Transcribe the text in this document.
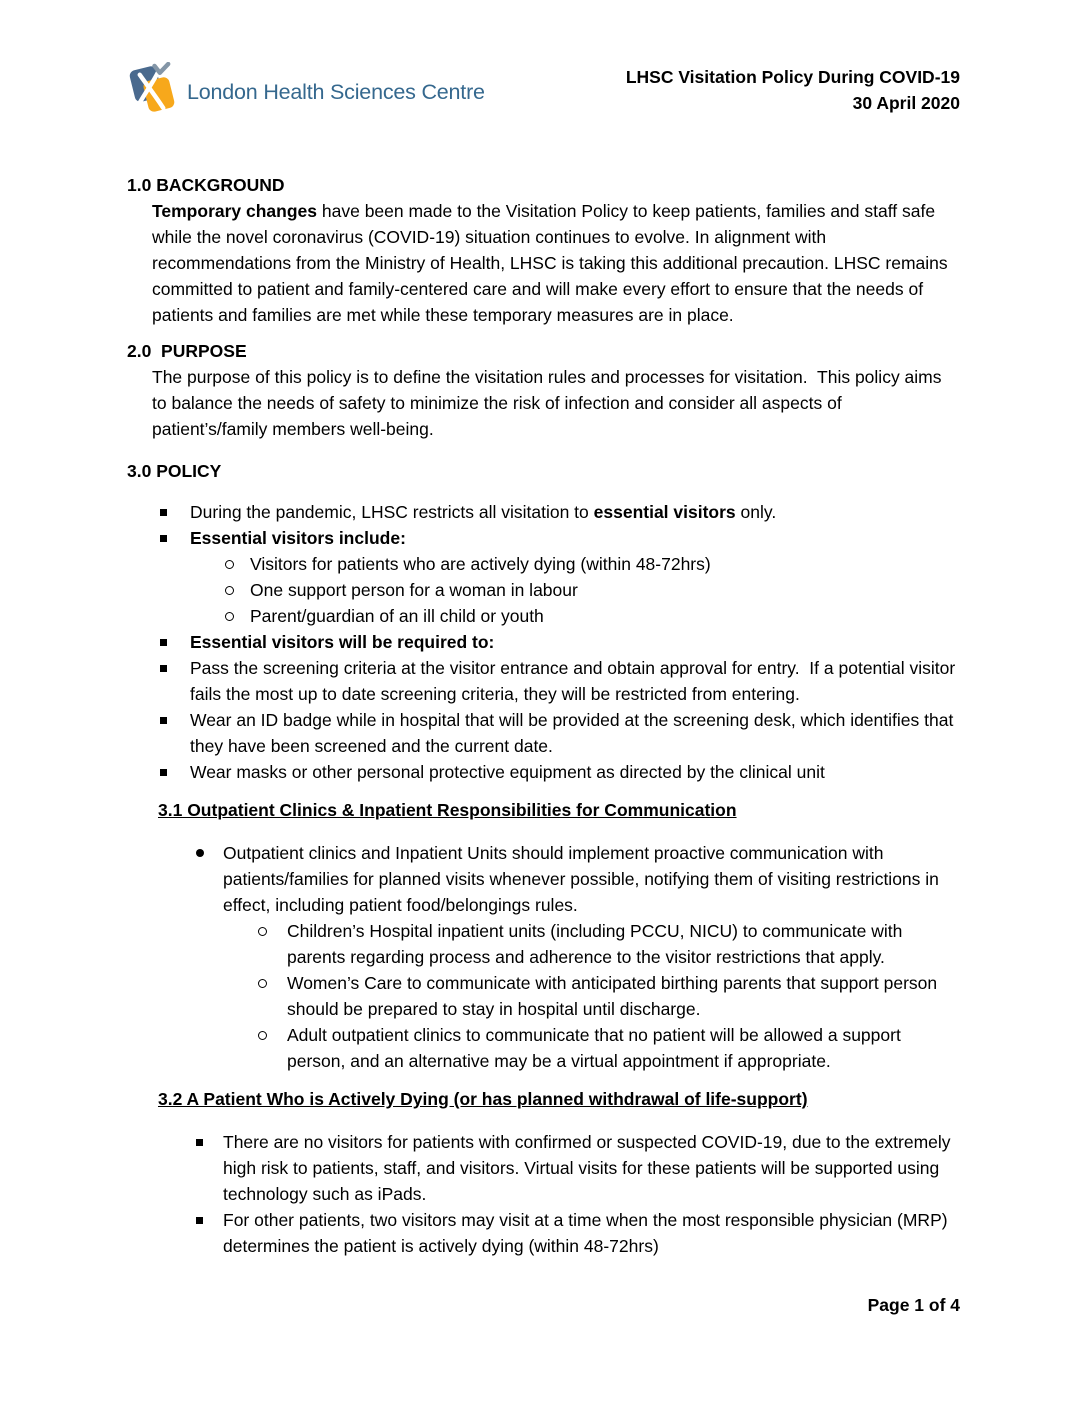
London Health Sciences Centre
LHSC Visitation Policy During COVID-19
30 April 2020

1.0 BACKGROUND

Temporary changes have been made to the Visitation Policy to keep patients, families and staff safe while the novel coronavirus (COVID-19) situation continues to evolve. In alignment with recommendations from the Ministry of Health, LHSC is taking this additional precaution. LHSC remains committed to patient and family-centered care and will make every effort to ensure that the needs of patients and families are met while these temporary measures are in place.

2.0  PURPOSE

The purpose of this policy is to define the visitation rules and processes for visitation.  This policy aims to balance the needs of safety to minimize the risk of infection and consider all aspects of patient’s/family members well-being.

3.0 POLICY

During the pandemic, LHSC restricts all visitation to essential visitors only.
Essential visitors include:
Visitors for patients who are actively dying (within 48-72hrs)
One support person for a woman in labour
Parent/guardian of an ill child or youth
Essential visitors will be required to:
Pass the screening criteria at the visitor entrance and obtain approval for entry.  If a potential visitor fails the most up to date screening criteria, they will be restricted from entering.
Wear an ID badge while in hospital that will be provided at the screening desk, which identifies that they have been screened and the current date.
Wear masks or other personal protective equipment as directed by the clinical unit

3.1 Outpatient Clinics & Inpatient Responsibilities for Communication

Outpatient clinics and Inpatient Units should implement proactive communication with patients/families for planned visits whenever possible, notifying them of visiting restrictions in effect, including patient food/belongings rules.
Children’s Hospital inpatient units (including PCCU, NICU) to communicate with parents regarding process and adherence to the visitor restrictions that apply.
Women’s Care to communicate with anticipated birthing parents that support person should be prepared to stay in hospital until discharge.
Adult outpatient clinics to communicate that no patient will be allowed a support person, and an alternative may be a virtual appointment if appropriate.

3.2 A Patient Who is Actively Dying (or has planned withdrawal of life-support)

There are no visitors for patients with confirmed or suspected COVID-19, due to the extremely high risk to patients, staff, and visitors. Virtual visits for these patients will be supported using technology such as iPads.
For other patients, two visitors may visit at a time when the most responsible physician (MRP) determines the patient is actively dying (within 48-72hrs)
Page 1 of 4
